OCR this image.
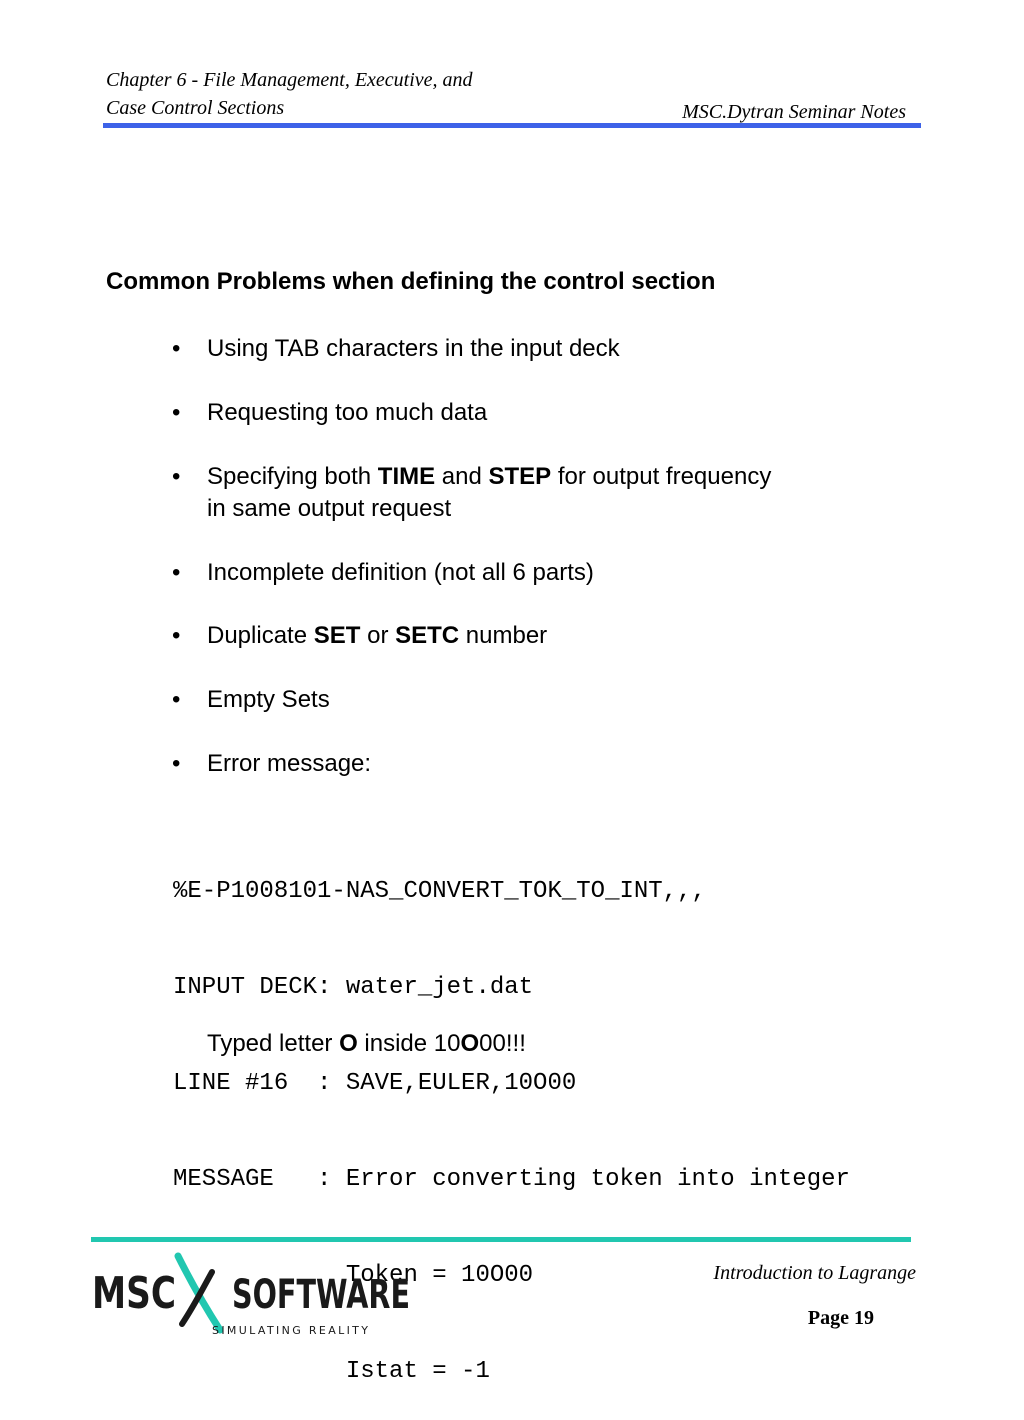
Chapter 6 - File Management, Executive, and
Case Control Sections	MSC.Dytran Seminar Notes
Common Problems when defining the control section
•	Using TAB characters in the input deck
•	Requesting too much data
•	Specifying both TIME and STEP for output frequency
in same output request
•	Incomplete definition (not all 6 parts)
•	Duplicate SET or SETC number
•	Empty Sets
•	Error message:

%E-P1008101-NAS_CONVERT_TOK_TO_INT,,,

INPUT DECK: water_jet.dat

LINE #16  : SAVE,EULER,10O00

MESSAGE   : Error converting token into integer

Token = 10O00

Istat = -1

Typed letter O inside 10O00!!!
MSC SOFTWARE
SIMULATING REALITY
Introduction to Lagrange
Page 19
